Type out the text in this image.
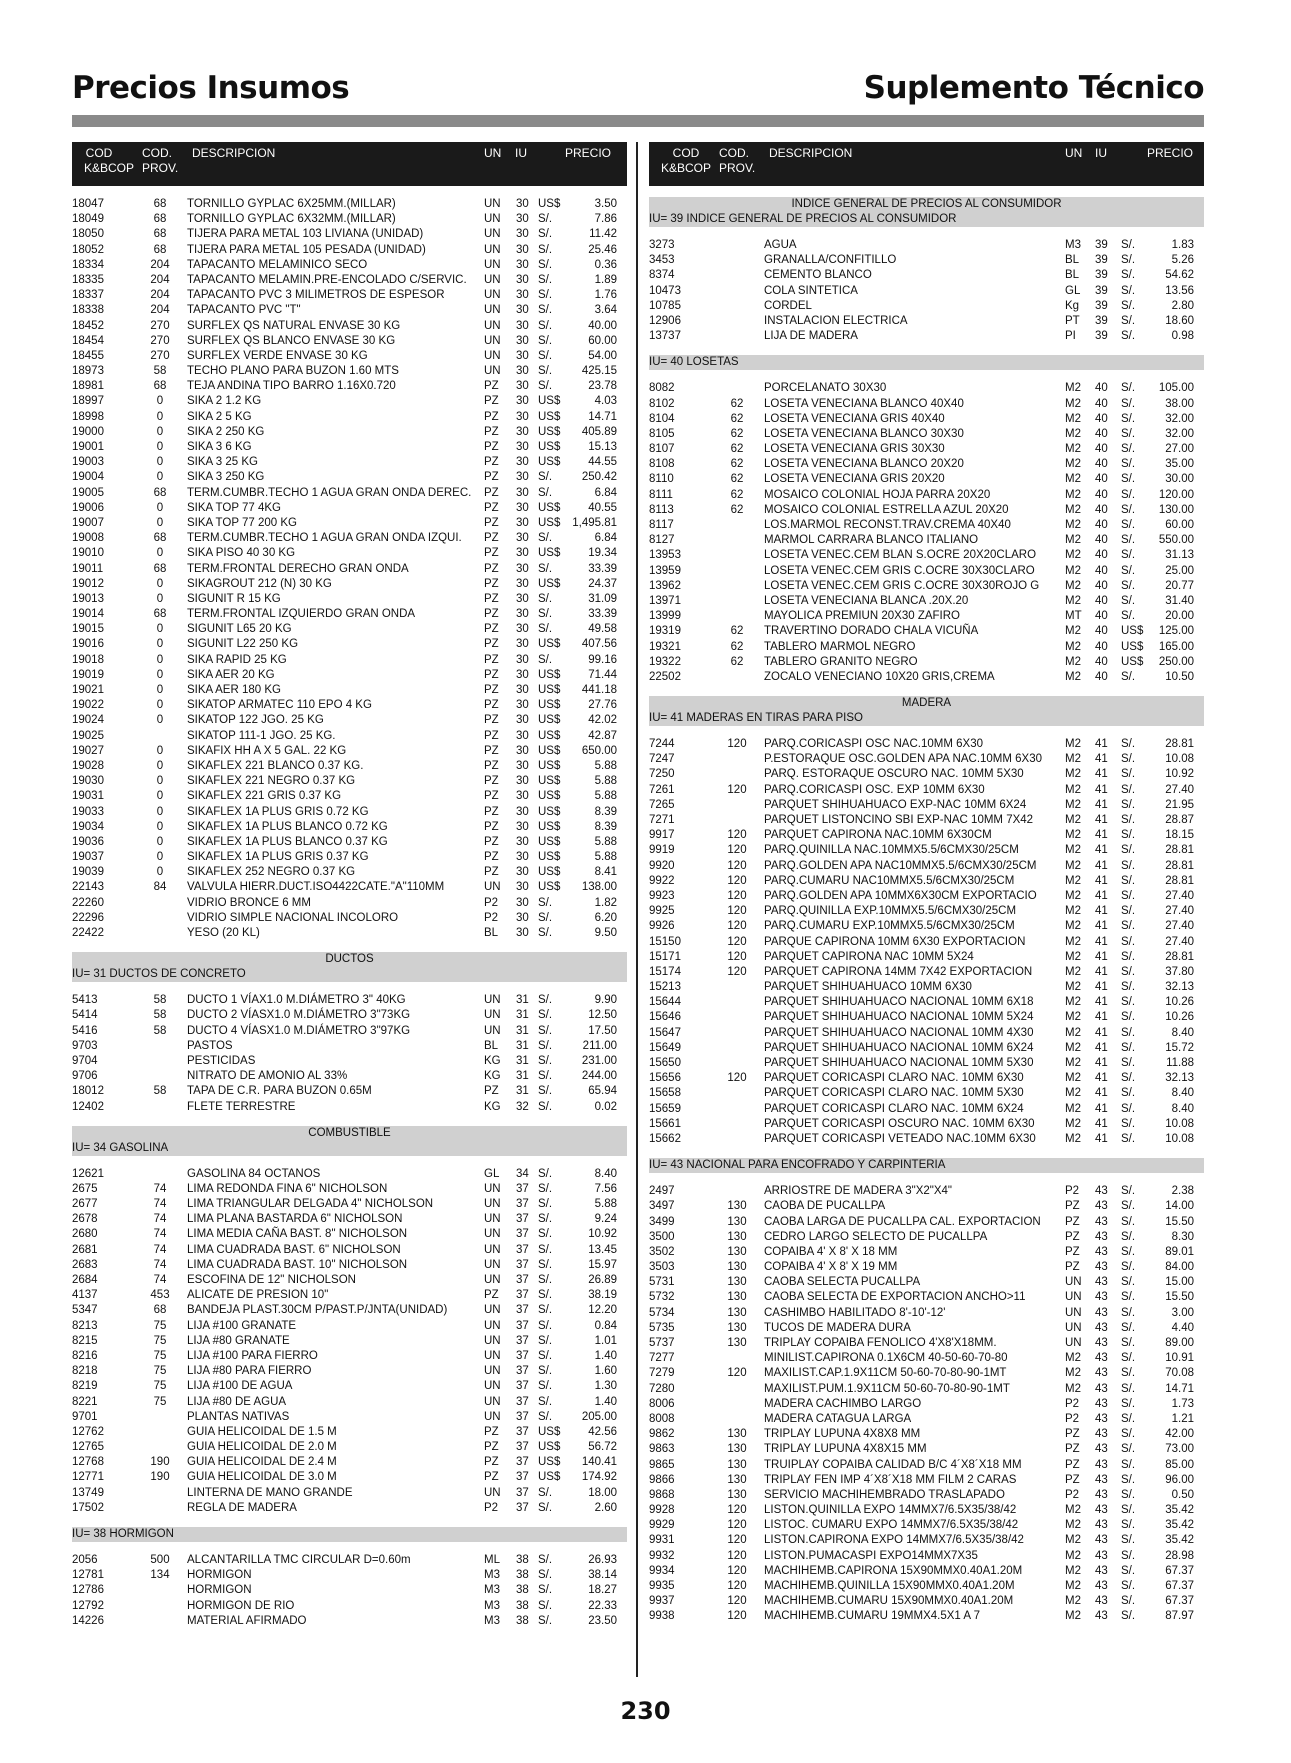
Precios Insumos	Suplemento Técnico
COD
K&BCOP
COD.
PROV.
DESCRIPCION	UN IU	PRECIO
18047	68	TORNILLO GYPLAC 6X25MM.(MILLAR)	UN 30 US$	3.50
18049	68	TORNILLO GYPLAC 6X32MM.(MILLAR)	UN 30 S/.	7.86
18050	68	TIJERA PARA METAL 103 LIVIANA (UNIDAD)	UN 30 S/.	11.42
18052	68	TIJERA PARA METAL 105 PESADA (UNIDAD)	UN 30 S/.	25.46
18334	204	TAPACANTO MELAMINICO SECO	UN 30 S/.	0.36
18335	204	TAPACANTO MELAMIN.PRE-ENCOLADO C/SERVIC. UN 30 S/.	1.89
18337	204	TAPACANTO PVC 3 MILIMETROS DE ESPESOR	UN 30 S/.	1.76
18338	204	TAPACANTO PVC "T"	UN 30 S/.	3.64
18452	270	SURFLEX QS NATURAL ENVASE 30 KG	UN 30 S/.	40.00
18454	270	SURFLEX QS BLANCO ENVASE 30 KG	UN 30 S/.	60.00
18455	270	SURFLEX VERDE ENVASE 30 KG	UN 30 S/.	54.00
18973	58	TECHO PLANO PARA BUZON 1.60 MTS	UN 30 S/.	425.15
18981	68	TEJA ANDINA TIPO BARRO 1.16X0.720	PZ 30 S/.	23.78
18997	0	SIKA 2 1.2 KG	PZ 30 US$	4.03
18998	0	SIKA 2 5 KG	PZ 30 US$ 14.71
19000	0	SIKA 2 250 KG	PZ 30 US$ 405.89
19001	0	SIKA 3 6 KG	PZ 30 US$ 15.13
19003	0	SIKA 3 25 KG	PZ 30 US$ 44.55
19004	0	SIKA 3 250 KG	PZ 30 S/.	250.42
19005	68	TERM.CUMBR.TECHO 1 AGUA GRAN ONDA DEREC. PZ 30 S/.	6.84
19006	0	SIKA TOP 77 4KG	PZ 30 US$ 40.55
19007	0	SIKA TOP 77 200 KG	PZ 30 US$ 1,495.81
19008	68	TERM.CUMBR.TECHO 1 AGUA GRAN ONDA IZQUI. PZ 30 S/.	6.84
19010	0	SIKA PISO 40 30 KG	PZ 30 US$ 19.34
19011	68	TERM.FRONTAL DERECHO GRAN ONDA	PZ 30 S/.	33.39
19012	0	SIKAGROUT 212 (N) 30 KG	PZ 30 US$ 24.37
19013	0	SIGUNIT R 15 KG	PZ 30 S/.	31.09
19014	68	TERM.FRONTAL IZQUIERDO GRAN ONDA	PZ 30 S/.	33.39
19015	0	SIGUNIT L65 20 KG	PZ 30 S/.	49.58
19016	0	SIGUNIT L22 250 KG	PZ 30 US$ 407.56
19018	0	SIKA RAPID 25 KG	PZ 30 S/.	99.16
19019	0	SIKA AER 20 KG	PZ 30 US$ 71.44
19021	0	SIKA AER 180 KG	PZ 30 US$ 441.18
19022	0	SIKATOP ARMATEC 110 EPO 4 KG	PZ 30 US$ 27.76
19024	0	SIKATOP 122 JGO. 25 KG	PZ 30 US$ 42.02
19025	SIKATOP 111-1 JGO. 25 KG.	PZ 30 US$ 42.87
19027	0	SIKAFIX HH A X 5 GAL. 22 KG	PZ 30 US$ 650.00
19028	0	SIKAFLEX 221 BLANCO 0.37 KG.	PZ 30 US$	5.88
19030	0	SIKAFLEX 221 NEGRO 0.37 KG	PZ 30 US$	5.88
19031	0	SIKAFLEX 221 GRIS 0.37 KG	PZ 30 US$	5.88
19033	0	SIKAFLEX 1A PLUS GRIS 0.72 KG	PZ 30 US$	8.39
19034	0	SIKAFLEX 1A PLUS BLANCO 0.72 KG	PZ 30 US$	8.39
19036	0	SIKAFLEX 1A PLUS BLANCO 0.37 KG	PZ 30 US$	5.88
19037	0	SIKAFLEX 1A PLUS GRIS 0.37 KG	PZ 30 US$	5.88
19039	0	SIKAFLEX 252 NEGRO 0.37 KG	PZ 30 US$	8.41
22143	84	VALVULA HIERR.DUCT.ISO4422CATE."A"110MM	UN 30 US$ 138.00
22260	VIDRIO BRONCE 6 MM	P2 30 S/.	1.82
22296	VIDRIO SIMPLE NACIONAL INCOLORO	P2 30 S/.	6.20
22422	YESO (20 KL)	BL 30 S/.	9.50
DUCTOS
IU= 31 DUCTOS DE CONCRETO
5413	58	DUCTO 1 VÍAX1.0 M.DIÁMETRO 3" 40KG	UN 31 S/.	9.90
5414	58	DUCTO 2 VÍASX1.0 M.DIÁMETRO 3"73KG	UN 31 S/.	12.50
5416	58	DUCTO 4 VÍASX1.0 M.DIÁMETRO 3"97KG	UN 31 S/.	17.50
9703	PASTOS	BL 31 S/.	211.00
9704	PESTICIDAS	KG 31 S/.	231.00
9706	NITRATO DE AMONIO AL 33%	KG 31 S/.	244.00
18012	58	TAPA DE C.R. PARA BUZON 0.65M	PZ 31 S/.	65.94
12402	FLETE TERRESTRE	KG 32 S/.	0.02
COMBUSTIBLE
IU= 34 GASOLINA
12621	GASOLINA 84 OCTANOS	GL 34 S/.	8.40
2675	74	LIMA REDONDA FINA 6" NICHOLSON	UN 37 S/.	7.56
2677	74	LIMA TRIANGULAR DELGADA 4" NICHOLSON	UN 37 S/.	5.88
2678	74	LIMA PLANA BASTARDA 6" NICHOLSON	UN 37 S/.	9.24
2680	74	LIMA MEDIA CAÑA BAST. 8" NICHOLSON	UN 37 S/.	10.92
2681	74	LIMA CUADRADA BAST. 6" NICHOLSON	UN 37 S/.	13.45
2683	74	LIMA CUADRADA BAST. 10" NICHOLSON	UN 37 S/.	15.97
2684	74	ESCOFINA DE 12" NICHOLSON	UN 37 S/.	26.89
4137	453	ALICATE DE PRESION 10"	PZ 37 S/.	38.19
5347	68	BANDEJA PLAST.30CM P/PAST.P/JNTA(UNIDAD)	UN 37 S/.	12.20
8213	75	LIJA #100 GRANATE	UN 37 S/.	0.84
8215	75	LIJA #80 GRANATE	UN 37 S/.	1.01
8216	75	LIJA #100 PARA FIERRO	UN 37 S/.	1.40
8218	75	LIJA #80 PARA FIERRO	UN 37 S/.	1.60
8219	75	LIJA #100 DE AGUA	UN 37 S/.	1.30
8221	75	LIJA #80 DE AGUA	UN 37 S/.	1.40
9701	PLANTAS NATIVAS	UN 37 S/.	205.00
12762	GUIA HELICOIDAL DE 1.5 M	PZ 37 US$ 42.56
12765	GUIA HELICOIDAL DE 2.0 M	PZ 37 US$ 56.72
12768	190	GUIA HELICOIDAL DE 2.4 M	PZ 37 US$ 140.41
12771	190	GUIA HELICOIDAL DE 3.0 M	PZ 37 US$ 174.92
13749	LINTERNA DE MANO GRANDE	UN 37 S/.	18.00
17502	REGLA DE MADERA	P2 37 S/.	2.60
IU= 38 HORMIGON
2056	500	ALCANTARILLA TMC CIRCULAR D=0.60m	ML 38 S/.	26.93
12781	134	HORMIGON	M3 38 S/.	38.14
12786	HORMIGON	M3 38 S/.	18.27
12792	HORMIGON DE RIO	M3 38 S/.	22.33
14226	MATERIAL AFIRMADO	M3 38 S/.	23.50
COD
K&BCOP
COD.
PROV.
DESCRIPCION	UN IU	PRECIO
INDICE GENERAL DE PRECIOS AL CONSUMIDOR
IU= 39 INDICE GENERAL DE PRECIOS AL CONSUMIDOR
3273	AGUA	M3 39 S/.	1.83
3453	GRANALLA/CONFITILLO	BL 39 S/.	5.26
8374	CEMENTO BLANCO	BL 39 S/.	54.62
10473	COLA SINTETICA	GL 39 S/.	13.56
10785	CORDEL	Kg 39 S/.	2.80
12906	INSTALACION ELECTRICA	PT 39 S/.	18.60
13737	LIJA DE MADERA	PI 39 S/.	0.98
IU= 40 LOSETAS
8082	PORCELANATO 30X30	M2 40 S/. 105.00
8102	62	LOSETA VENECIANA BLANCO 40X40	M2 40 S/.	38.00
8104	62	LOSETA VENECIANA GRIS 40X40	M2 40 S/.	32.00
8105	62	LOSETA VENECIANA BLANCO 30X30	M2 40 S/.	32.00
8107	62	LOSETA VENECIANA GRIS 30X30	M2 40 S/.	27.00
8108	62	LOSETA VENECIANA BLANCO 20X20	M2 40 S/.	35.00
8110	62	LOSETA VENECIANA GRIS 20X20	M2 40 S/.	30.00
8111	62	MOSAICO COLONIAL HOJA PARRA 20X20	M2 40 S/. 120.00
8113	62	MOSAICO COLONIAL ESTRELLA AZUL 20X20	M2 40 S/. 130.00
8117	LOS.MARMOL RECONST.TRAV.CREMA 40X40	M2 40 S/.	60.00
8127	MARMOL CARRARA BLANCO ITALIANO	M2 40 S/. 550.00
13953	LOSETA VENEC.CEM BLAN S.OCRE 20X20CLARO	M2 40 S/.	31.13
13959	LOSETA VENEC.CEM GRIS C.OCRE 30X30CLARO	M2 40 S/.	25.00
13962	LOSETA VENEC.CEM GRIS C.OCRE 30X30ROJO G M2 40 S/.	20.77
13971	LOSETA VENECIANA BLANCA .20X.20	M2 40 S/.	31.40
13999	MAYOLICA PREMIUN 20X30 ZAFIRO	MT 40 S/.	20.00
19319	62	TRAVERTINO DORADO CHALA VICUÑA	M2 40 US$ 125.00
19321	62	TABLERO MARMOL NEGRO	M2 40 US$ 165.00
19322	62	TABLERO GRANITO NEGRO	M2 40 US$ 250.00
22502	ZOCALO VENECIANO 10X20 GRIS,CREMA	M2 40 S/.	10.50
MADERA
IU= 41 MADERAS EN TIRAS PARA PISO
7244	120	PARQ.CORICASPI OSC NAC.10MM 6X30	M2 41 S/.	28.81
7247	P.ESTORAQUE OSC.GOLDEN APA NAC.10MM 6X30 M2 41 S/.	10.08
7250	PARQ. ESTORAQUE OSCURO NAC. 10MM 5X30	M2 41 S/.	10.92
7261	120	PARQ.CORICASPI OSC. EXP 10MM 6X30	M2 41 S/.	27.40
7265	PARQUET SHIHUAHUACO EXP-NAC 10MM 6X24	M2 41 S/.	21.95
7271	PARQUET LISTONCINO SBI EXP-NAC 10MM 7X42	M2 41 S/.	28.87
9917	120	PARQUET CAPIRONA NAC.10MM 6X30CM	M2 41 S/.	18.15
9919	120	PARQ.QUINILLA NAC.10MMX5.5/6CMX30/25CM	M2 41 S/.	28.81
9920	120	PARQ.GOLDEN APA NAC10MMX5.5/6CMX30/25CM M2 41 S/.	28.81
9922	120	PARQ.CUMARU NAC10MMX5.5/6CMX30/25CM	M2 41 S/.	28.81
9923	120	PARQ.GOLDEN APA 10MMX6X30CM EXPORTACIO M2 41 S/.	27.40
9925	120	PARQ.QUINILLA EXP.10MMX5.5/6CMX30/25CM	M2 41 S/.	27.40
9926	120	PARQ.CUMARU EXP.10MMX5.5/6CMX30/25CM	M2 41 S/.	27.40
15150	120	PARQUE CAPIRONA 10MM 6X30 EXPORTACION	M2 41 S/.	27.40
15171	120	PARQUET CAPIRONA NAC 10MM 5X24	M2 41 S/.	28.81
15174	120	PARQUET CAPIRONA 14MM 7X42 EXPORTACION	M2 41 S/.	37.80
15213	PARQUET SHIHUAHUACO 10MM 6X30	M2 41 S/.	32.13
15644	PARQUET SHIHUAHUACO NACIONAL 10MM 6X18	M2 41 S/.	10.26
15646	PARQUET SHIHUAHUACO NACIONAL 10MM 5X24	M2 41 S/.	10.26
15647	PARQUET SHIHUAHUACO NACIONAL 10MM 4X30	M2 41 S/.	8.40
15649	PARQUET SHIHUAHUACO NACIONAL 10MM 6X24	M2 41 S/.	15.72
15650	PARQUET SHIHUAHUACO NACIONAL 10MM 5X30	M2 41 S/.	11.88
15656	120	PARQUET CORICASPI CLARO NAC. 10MM 6X30	M2 41 S/.	32.13
15658	PARQUET CORICASPI CLARO NAC. 10MM 5X30	M2 41 S/.	8.40
15659	PARQUET CORICASPI CLARO NAC. 10MM 6X24	M2 41 S/.	8.40
15661	PARQUET CORICASPI OSCURO NAC. 10MM 6X30	M2 41 S/.	10.08
15662	PARQUET CORICASPI VETEADO NAC.10MM 6X30	M2 41 S/.	10.08
IU= 43 NACIONAL PARA ENCOFRADO Y CARPINTERIA
2497	ARRIOSTRE DE MADERA 3"X2"X4"	P2 43 S/.	2.38
3497	130	CAOBA DE PUCALLPA	PZ 43 S/.	14.00
3499	130	CAOBA LARGA DE PUCALLPA CAL. EXPORTACION PZ 43 S/.	15.50
3500	130	CEDRO LARGO SELECTO DE PUCALLPA	PZ 43 S/.	8.30
3502	130	COPAIBA 4' X 8' X 18 MM	PZ 43 S/.	89.01
3503	130	COPAIBA 4' X 8' X 19 MM	PZ 43 S/.	84.00
5731	130	CAOBA SELECTA PUCALLPA	UN 43 S/.	15.00
5732	130	CAOBA SELECTA DE EXPORTACION ANCHO>11	UN 43 S/.	15.50
5734	130	CASHIMBO HABILITADO 8'-10'-12'	UN 43 S/.	3.00
5735	130	TUCOS DE MADERA DURA	UN 43 S/.	4.40
5737	130	TRIPLAY COPAIBA FENOLICO 4'X8'X18MM.	UN 43 S/.	89.00
7277	MINILIST.CAPIRONA 0.1X6CM 40-50-60-70-80	M2 43 S/.	10.91
7279	120	MAXILIST.CAP.1.9X11CM 50-60-70-80-90-1MT	M2 43 S/.	70.08
7280	MAXILIST.PUM.1.9X11CM 50-60-70-80-90-1MT	M2 43 S/.	14.71
8006	MADERA CACHIMBO LARGO	P2 43 S/.	1.73
8008	MADERA CATAGUA LARGA	P2 43 S/.	1.21
9862	130	TRIPLAY LUPUNA 4X8X8 MM	PZ 43 S/.	42.00
9863	130	TRIPLAY LUPUNA 4X8X15 MM	PZ 43 S/.	73.00
9865	130	TRUIPLAY COPAIBA CALIDAD B/C 4´X8´X18 MM	PZ 43 S/.	85.00
9866	130	TRIPLAY FEN IMP 4´X8´X18 MM FILM 2 CARAS	PZ 43 S/.	96.00
9868	130	SERVICIO MACHIHEMBRADO TRASLAPADO	P2 43 S/.	0.50
9928	120	LISTON.QUINILLA EXPO 14MMX7/6.5X35/38/42	M2 43 S/.	35.42
9929	120	LISTOC. CUMARU EXPO 14MMX7/6.5X35/38/42	M2 43 S/.	35.42
9931	120	LISTON.CAPIRONA EXPO 14MMX7/6.5X35/38/42	M2 43 S/.	35.42
9932	120	LISTON.PUMACASPI EXPO14MMX7X35	M2 43 S/.	28.98
9934	120	MACHIHEMB.CAPIRONA 15X90MMX0.40A1.20M	M2 43 S/.	67.37
9935	120	MACHIHEMB.QUINILLA 15X90MMX0.40A1.20M	M2 43 S/.	67.37
9937	120	MACHIHEMB.CUMARU 15X90MMX0.40A1.20M	M2 43 S/.	67.37
9938	120	MACHIHEMB.CUMARU 19MMX4.5X1 A 7	M2 43 S/.	87.97
230
